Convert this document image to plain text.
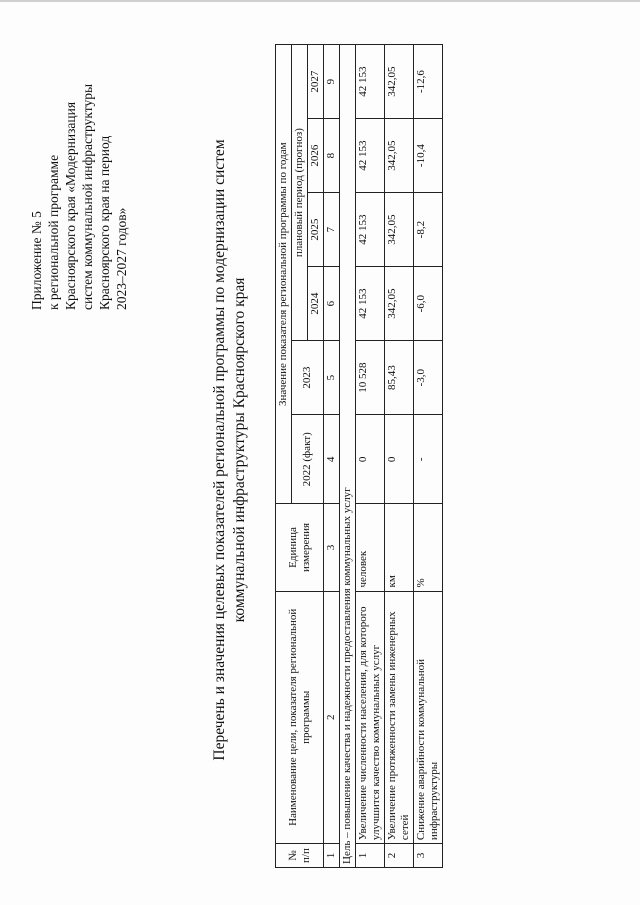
Приложение № 5 к региональной программе Красноярского края «Модернизация систем коммунальной инфраструктуры Красноярского края на период 2023–2027 годов»	Перечень и значения целевых показателей региональной программы по модернизации систем коммунальной инфраструктуры Красноярского края
№ п/п	Наименование цели, показателя региональной программы	Единица измерения	Значение показателя региональной программы по годам					
			2022 (факт)	2023	плановый период (прогноз)			
					2024	2025	2026	2027
1	2	3	4	5	6	7	8	9
Цель – повышение качества и надежности предоставления коммунальных услуг								
1	Увеличение численности населения, для которого улучшится качество коммунальных услуг	человек	0	10 528	42 153	42 153	42 153	42 153
2	Увеличение протяженности замены инженерных сетей	км	0	85,43	342,05	342,05	342,05	342,05
3	Снижение аварийности коммунальной инфраструктуры	%	-	-3,0	-6,0	-8,2	-10,4	-12,6
